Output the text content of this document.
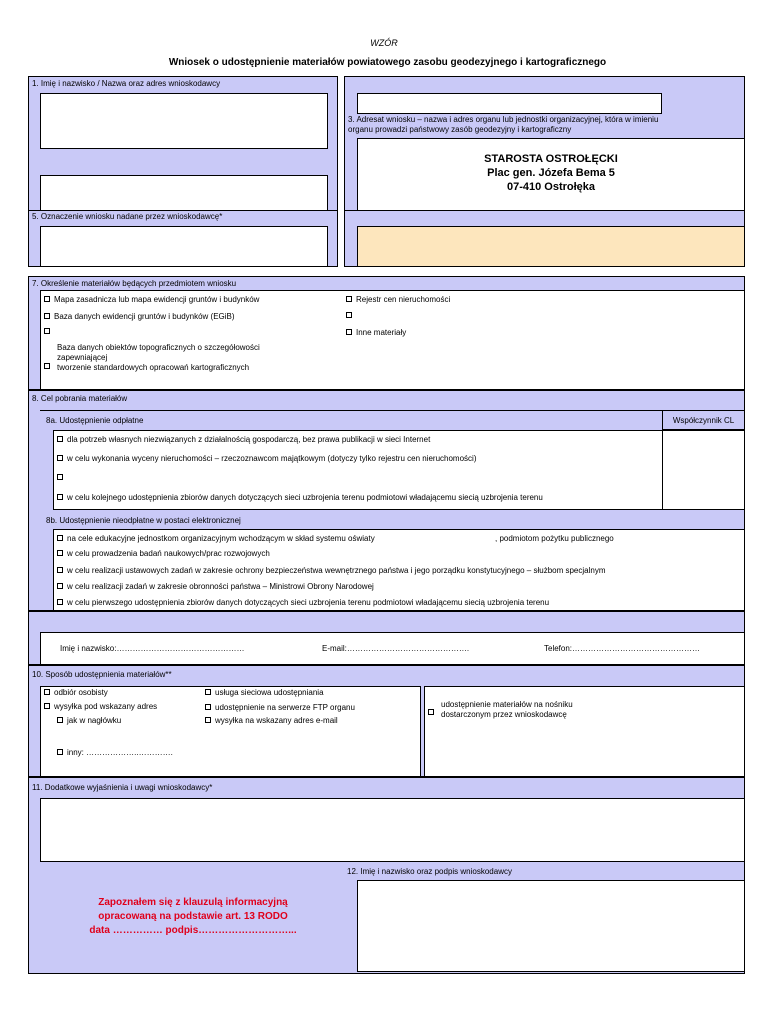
WZÓR
Wniosek o udostępnienie materiałów powiatowego zasobu geodezyjnego i kartograficznego
1. Imię i nazwisko / Nazwa oraz adres wnioskodawcy
5. Oznaczenie wniosku nadane przez wnioskodawcę*
3. Adresat wniosku – nazwa i adres organu lub jednostki organizacyjnej, która w imieniu
organu prowadzi państwowy zasób geodezyjny i kartograficzny
STAROSTA OSTROŁĘCKI
Plac gen. Józefa Bema 5
07-410 Ostrołęka
7. Określenie materiałów będących przedmiotem wniosku
Mapa zasadnicza lub mapa ewidencji gruntów i budynków
Baza danych ewidencji gruntów i budynków (EGiB)
Baza danych obiektów topograficznych o szczegółowości
zapewniającej
tworzenie standardowych opracowań kartograficznych
Rejestr cen nieruchomości
Inne materiały
8. Cel pobrania materiałów
8a. Udostępnienie odpłatne	Współczynnik CL
dla potrzeb własnych niezwiązanych z działalnością gospodarczą, bez prawa publikacji w sieci Internet
w celu wykonania wyceny nieruchomości – rzeczoznawcom majątkowym (dotyczy tylko rejestru cen nieruchomości)
w celu kolejnego udostępnienia zbiorów danych dotyczących sieci uzbrojenia terenu podmiotowi władającemu siecią uzbrojenia terenu
8b. Udostępnienie nieodpłatne w postaci elektronicznej
na cele edukacyjne jednostkom organizacyjnym wchodzącym w skład systemu oświaty	, podmiotom pożytku publicznego
w celu prowadzenia badań naukowych/prac rozwojowych
w celu realizacji ustawowych zadań w zakresie ochrony bezpieczeństwa wewnętrznego państwa i jego porządku konstytucyjnego – służbom specjalnym
w celu realizacji zadań w zakresie obronności państwa – Ministrowi Obrony Narodowej
w celu pierwszego udostępnienia zbiorów danych dotyczących sieci uzbrojenia terenu podmiotowi władającemu siecią uzbrojenia terenu
Imię i nazwisko:…………………………………………	E-mail:……………………………………….	Telefon:…………………………………………
10. Sposób udostępnienia materiałów**
odbiór osobisty
wysyłka pod wskazany adres
jak w nagłówku
inny: ………………..………….
usługa sieciowa udostępniania
udostępnienie na serwerze FTP organu
wysyłka na wskazany adres e-mail
udostępnienie materiałów na nośniku
dostarczonym przez wnioskodawcę
11. Dodatkowe wyjaśnienia i uwagi wnioskodawcy*
12. Imię i nazwisko oraz podpis wnioskodawcy
Zapoznałem się z klauzulą informacyjną
opracowaną na podstawie art. 13 RODO
data …………… podpis………………………...
